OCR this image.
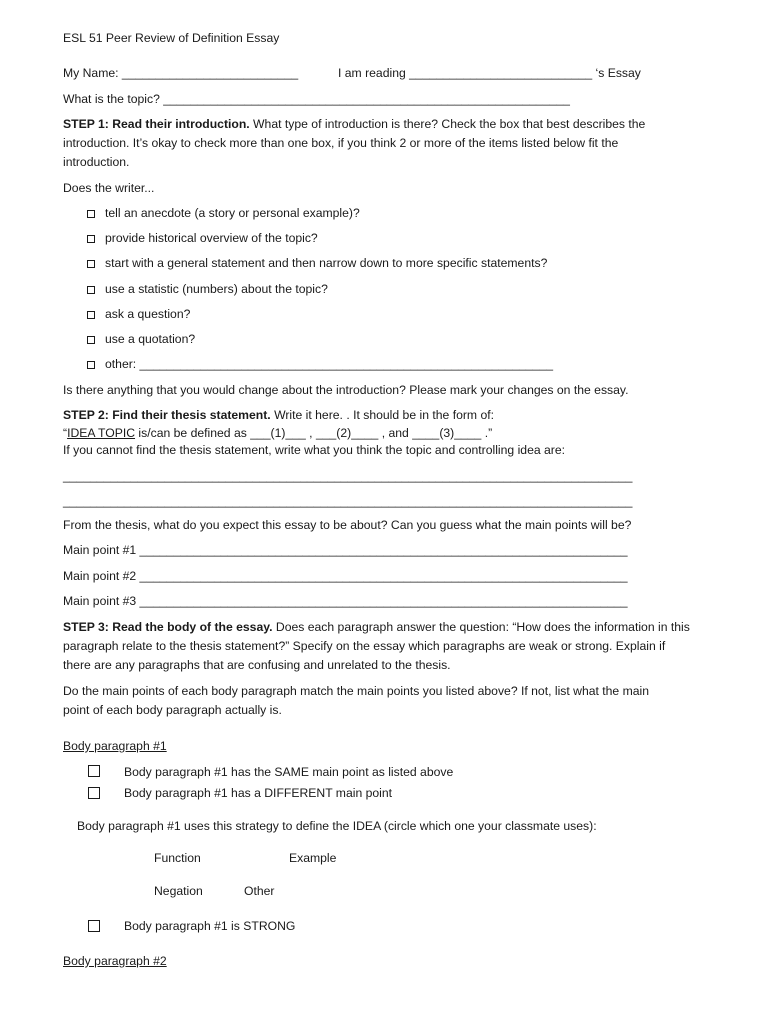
ESL 51 Peer Review of Definition Essay
My Name: __________________________	I am reading ___________________________ ‘s Essay
What is the topic? ____________________________________________________________
STEP 1: Read their introduction. What type of introduction is there? Check the box that best describes the
introduction. It’s okay to check more than one box, if you think 2 or more of the items listed below fit the
introduction.
Does the writer...
tell an anecdote (a story or personal example)?
provide historical overview of the topic?
start with a general statement and then narrow down to more specific statements?
use a statistic (numbers) about the topic?
ask a question?
use a quotation?
other: _____________________________________________________________
Is there anything that you would change about the introduction? Please mark your changes on the essay.
STEP 2: Find their thesis statement. Write it here. . It should be in the form of:
“IDEA TOPIC is/can be defined as ___(1)___ , ___(2)____ , and ____(3)____ .”
If you cannot find the thesis statement, write what you think the topic and controlling idea are:
____________________________________________________________________________________
____________________________________________________________________________________
From the thesis, what do you expect this essay to be about? Can you guess what the main points will be?
Main point #1 ________________________________________________________________________
Main point #2 ________________________________________________________________________
Main point #3 ________________________________________________________________________
STEP 3: Read the body of the essay. Does each paragraph answer the question: “How does the information in this
paragraph relate to the thesis statement?” Specify on the essay which paragraphs are weak or strong. Explain if
there are any paragraphs that are confusing and unrelated to the thesis.
Do the main points of each body paragraph match the main points you listed above? If not, list what the main
point of each body paragraph actually is.
Body paragraph #1
Body paragraph #1 has the SAME main point as listed above
Body paragraph #1 has a DIFFERENT main point
Body paragraph #1 uses this strategy to define the IDEA (circle which one your classmate uses):
Function	Example
Negation	Other
Body paragraph #1 is STRONG
Body paragraph #2
